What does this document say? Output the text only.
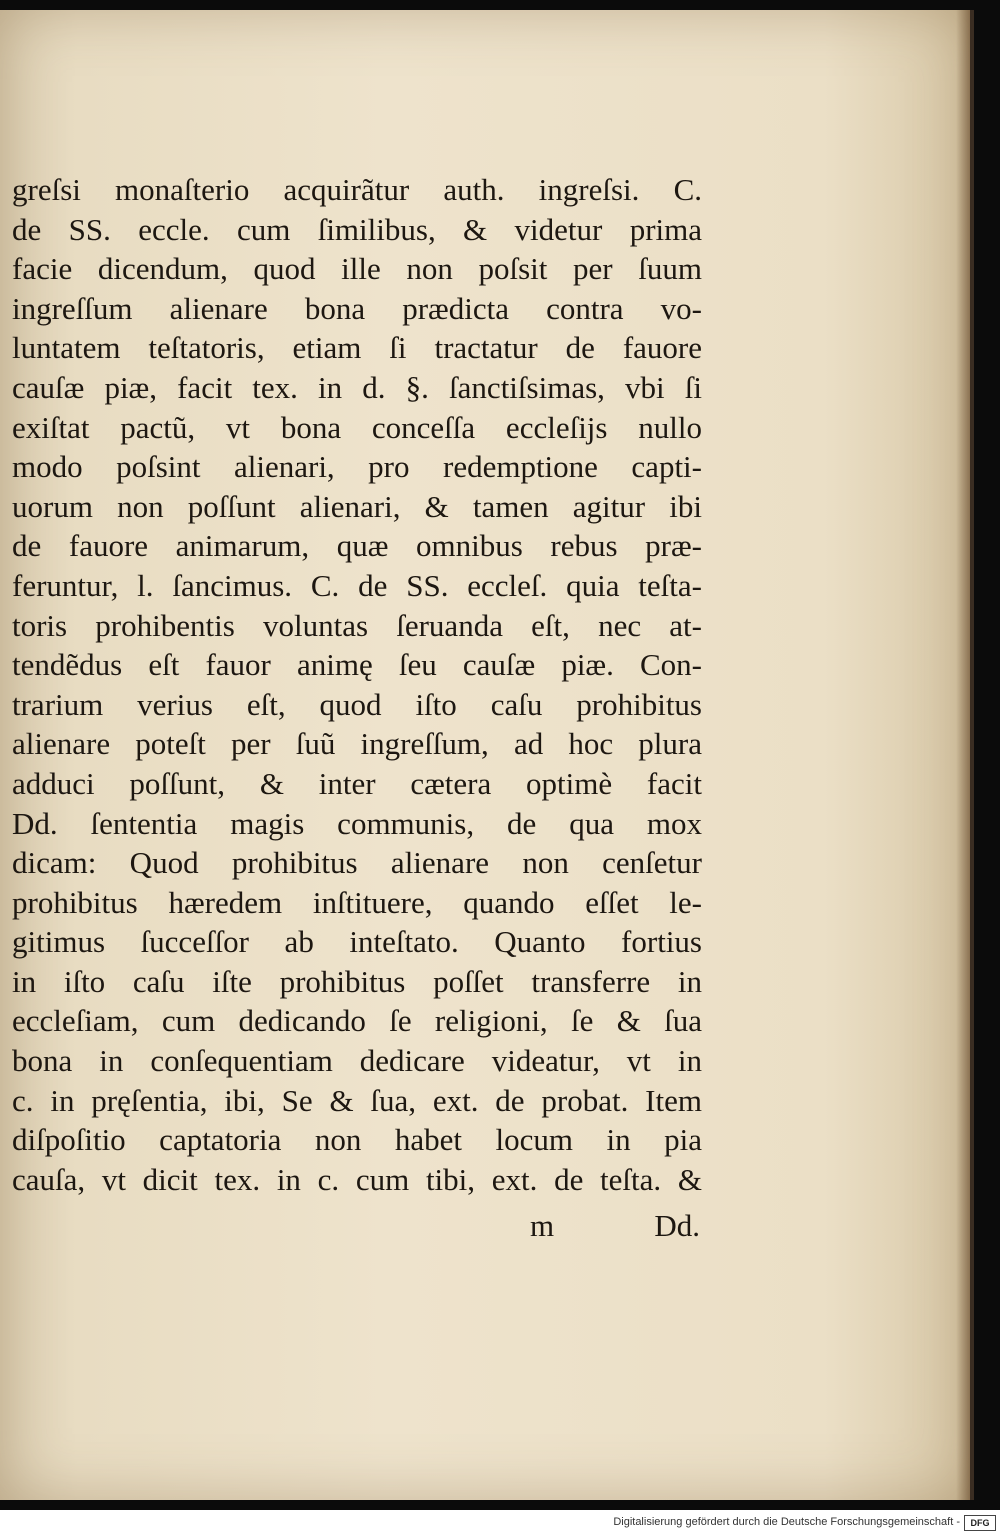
greſsi monaſterio acquirãtur auth. ingreſsi. C.
de SS. eccle. cum ſimilibus, & videtur prima
facie dicendum, quod ille non poſsit per ſuum
ingreſſum alienare bona prædicta contra vo-
luntatem teſtatoris, etiam ſi tractatur de fauore
cauſæ piæ, facit tex. in d. §. ſanctiſsimas, vbi ſi
exiſtat pactũ, vt bona conceſſa eccleſijs nullo
modo poſsint alienari, pro redemptione capti-
uorum non poſſunt alienari, & tamen agitur ibi
de fauore animarum, quæ omnibus rebus præ-
feruntur, l. ſancimus. C. de SS. eccleſ. quia teſta-
toris prohibentis voluntas ſeruanda eſt, nec at-
tendẽdus eſt fauor animę ſeu cauſæ piæ. Con-
trarium verius eſt, quod iſto caſu prohibitus
alienare poteſt per ſuũ ingreſſum, ad hoc plura
adduci poſſunt, & inter cætera optimè facit
Dd. ſententia magis communis, de qua mox
dicam: Quod prohibitus alienare non cenſetur
prohibitus hæredem inſtituere, quando eſſet le-
gitimus ſucceſſor ab inteſtato. Quanto fortius
in iſto caſu iſte prohibitus poſſet transferre in
eccleſiam, cum dedicando ſe religioni, ſe & ſua
bona in conſequentiam dedicare videatur, vt in
c. in pręſentia, ibi, Se & ſua, ext. de probat. Item
diſpoſitio captatoria non habet locum in pia
cauſa, vt dicit tex. in c. cum tibi, ext. de teſta. &
m	Dd.
Digitalisierung gefördert durch die Deutsche Forschungsgemeinschaft -	DFG
